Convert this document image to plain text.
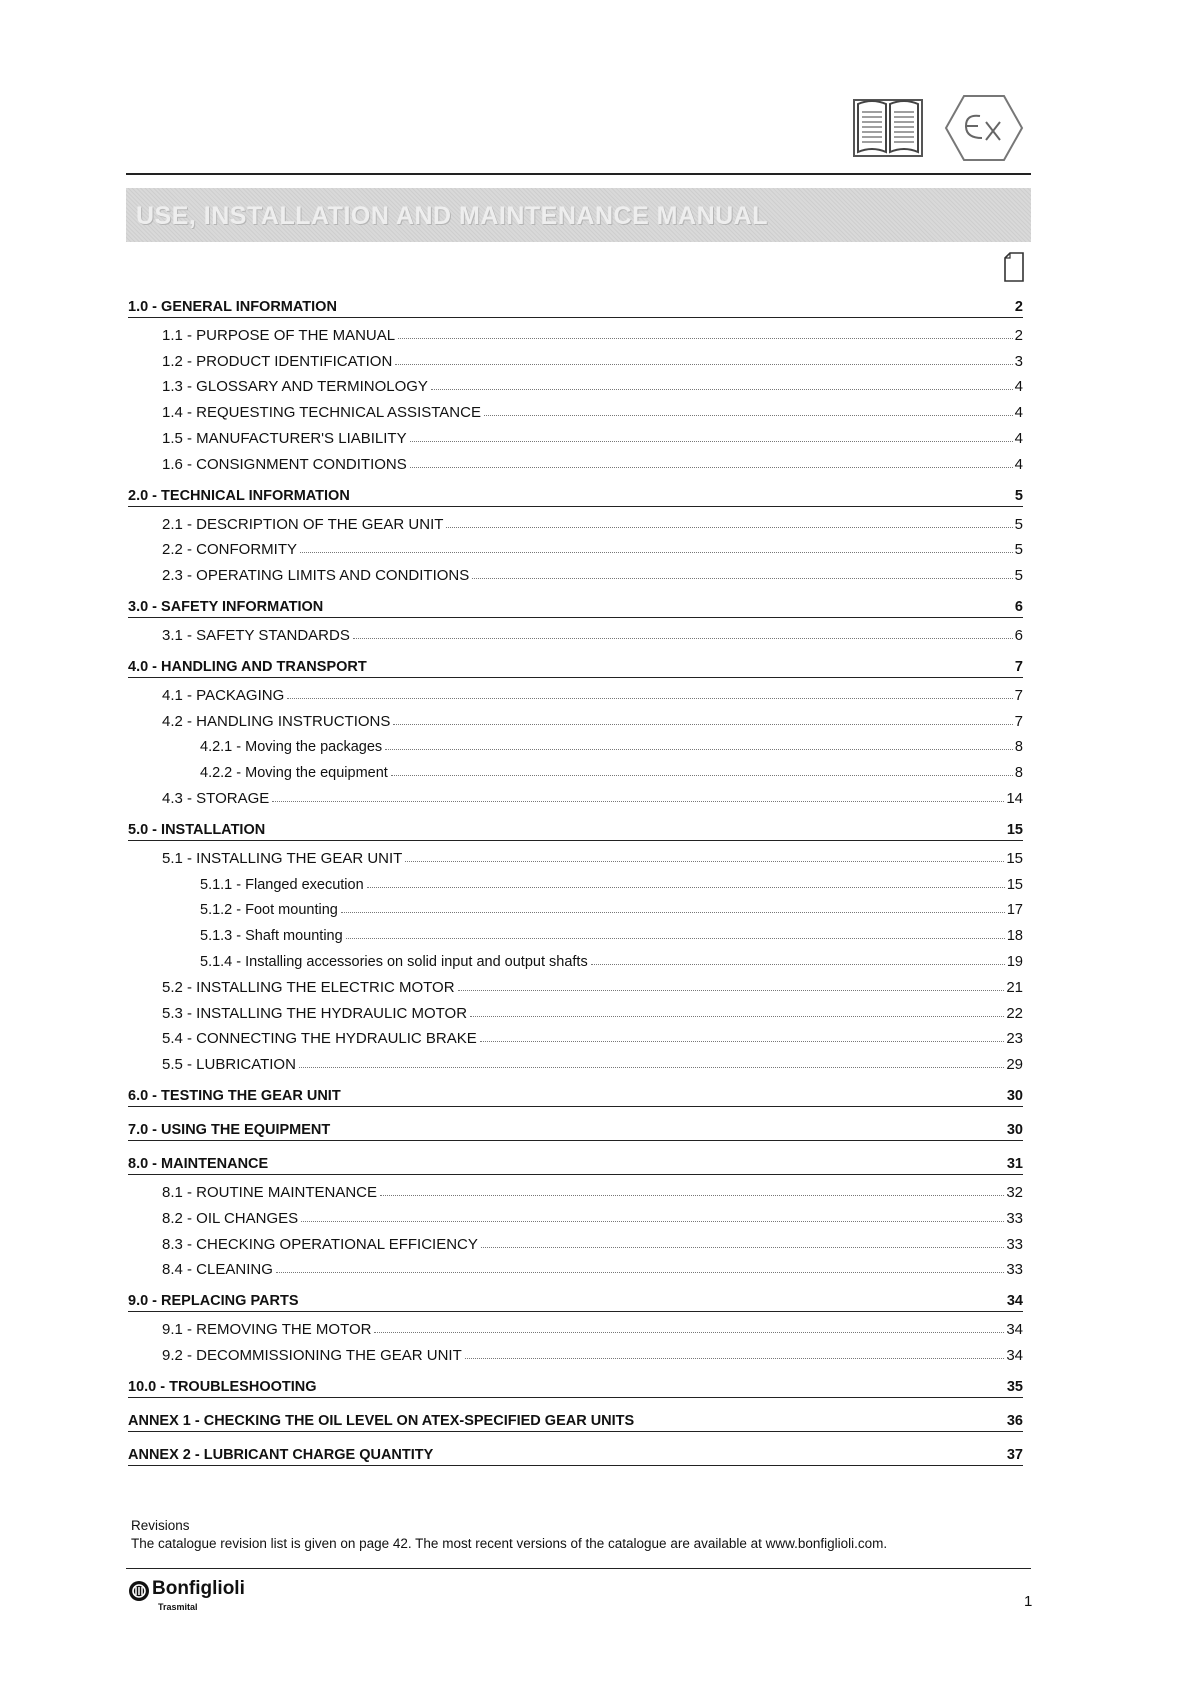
USE, INSTALLATION AND MAINTENANCE MANUAL
1.0 - GENERAL INFORMATION	2
1.1 - PURPOSE OF THE MANUAL	2
1.2 - PRODUCT IDENTIFICATION	3
1.3 - GLOSSARY AND TERMINOLOGY	4
1.4 - REQUESTING TECHNICAL ASSISTANCE	4
1.5 - MANUFACTURER'S LIABILITY	4
1.6 - CONSIGNMENT CONDITIONS	4
2.0 - TECHNICAL INFORMATION	5
2.1 - DESCRIPTION OF THE GEAR UNIT	5
2.2 - CONFORMITY	5
2.3 - OPERATING LIMITS AND CONDITIONS	5
3.0 - SAFETY INFORMATION	6
3.1 - SAFETY STANDARDS	6
4.0 - HANDLING AND TRANSPORT	7
4.1 - PACKAGING	7
4.2 - HANDLING INSTRUCTIONS	7
4.2.1 - Moving the packages	8
4.2.2 - Moving the equipment	8
4.3 - STORAGE	14
5.0 - INSTALLATION	15
5.1 - INSTALLING THE GEAR UNIT	15
5.1.1 - Flanged execution	15
5.1.2 - Foot mounting	17
5.1.3 - Shaft mounting	18
5.1.4 - Installing accessories on solid input and output shafts	19
5.2 - INSTALLING THE ELECTRIC MOTOR	21
5.3 - INSTALLING THE HYDRAULIC MOTOR	22
5.4 - CONNECTING THE HYDRAULIC BRAKE	23
5.5 - LUBRICATION	29
6.0 - TESTING THE GEAR UNIT	30
7.0 - USING THE EQUIPMENT	30
8.0 - MAINTENANCE	31
8.1 - ROUTINE MAINTENANCE	32
8.2 - OIL CHANGES	33
8.3 - CHECKING OPERATIONAL EFFICIENCY	33
8.4 - CLEANING	33
9.0 - REPLACING PARTS	34
9.1 - REMOVING THE MOTOR	34
9.2 - DECOMMISSIONING THE GEAR UNIT	34
10.0 - TROUBLESHOOTING	35
ANNEX 1 - CHECKING THE OIL LEVEL ON ATEX-SPECIFIED GEAR UNITS	36
ANNEX 2 - LUBRICANT CHARGE QUANTITY	37
Revisions
The catalogue revision list is given on page 42. The most recent versions of the catalogue are available at www.bonfiglioli.com.
Bonfiglioli
Trasmital	1
